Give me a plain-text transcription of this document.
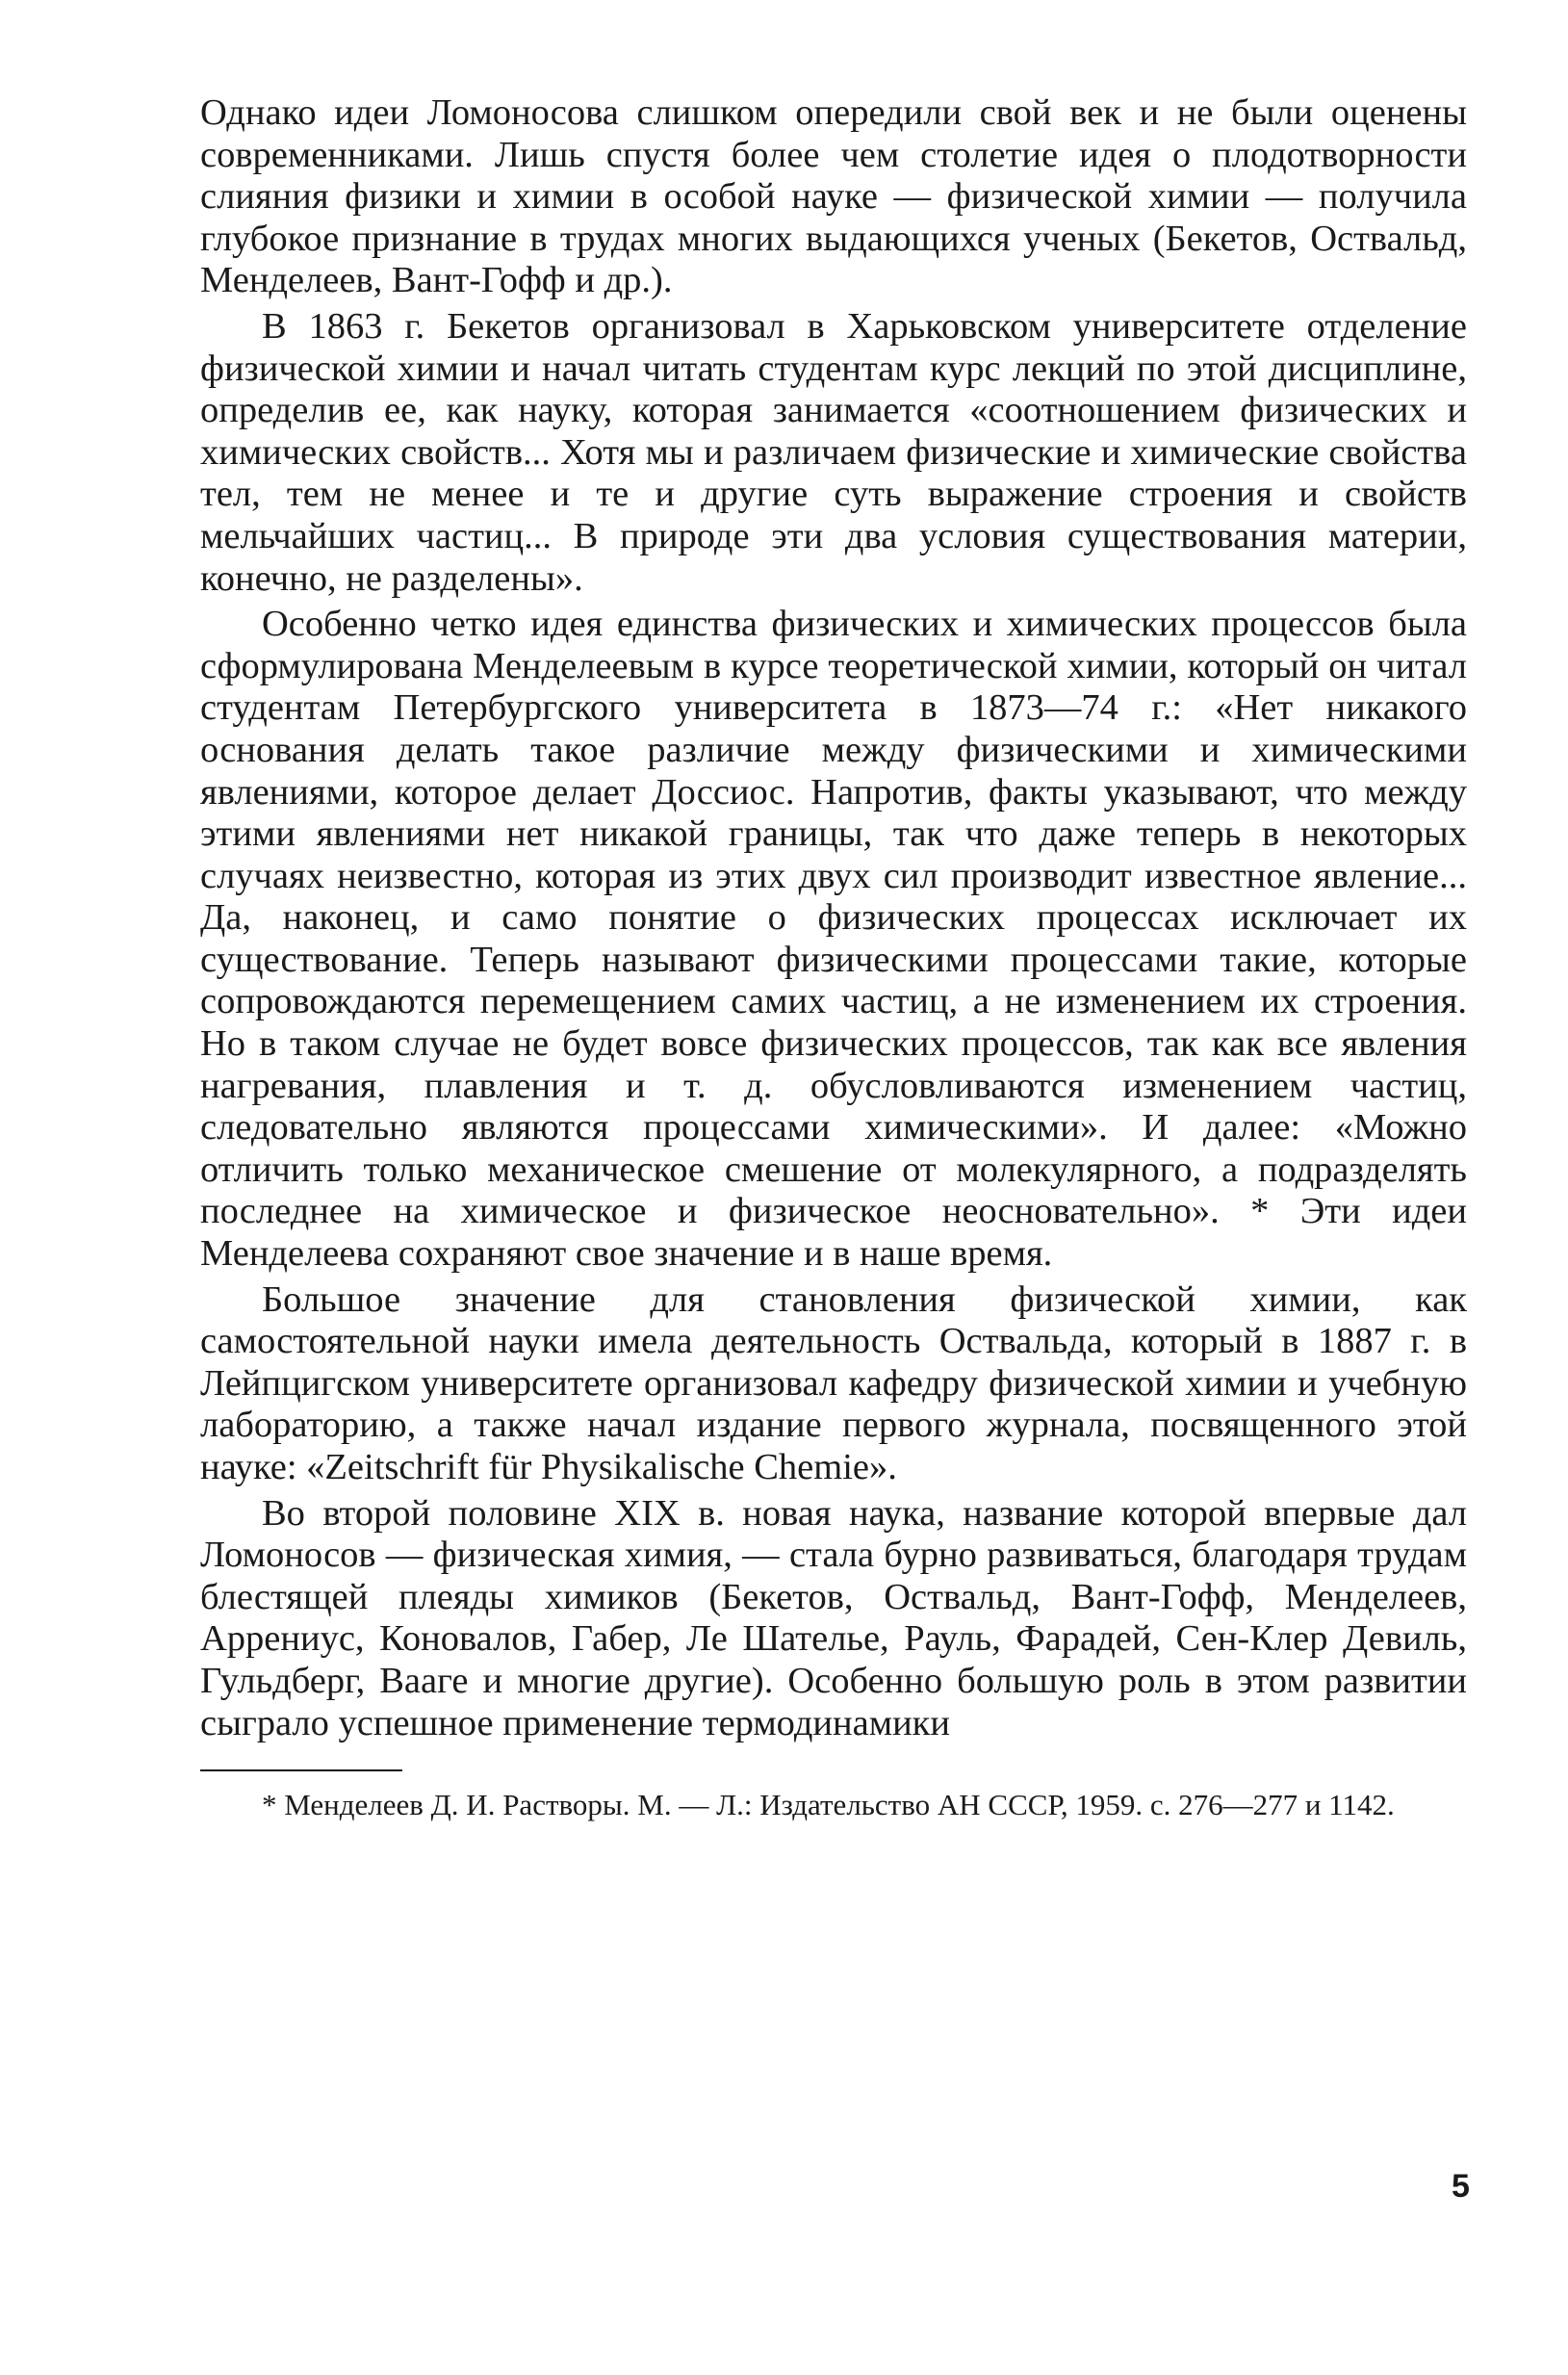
Однако идеи Ломоносова слишком опередили свой век и не были оценены современниками. Лишь спустя более чем столетие идея о плодотворности слияния физики и химии в особой науке — физической химии — получила глубокое признание в трудах многих выдающихся ученых (Бекетов, Оствальд, Менделеев, Вант-Гофф и др.).

В 1863 г. Бекетов организовал в Харьковском университете отделение физической химии и начал читать студентам курс лекций по этой дисциплине, определив ее, как науку, которая занимается «соотношением физических и химических свойств... Хотя мы и различаем физические и химические свойства тел, тем не менее и те и другие суть выражение строения и свойств мельчайших частиц... В природе эти два условия существования материи, конечно, не разделены».

Особенно четко идея единства физических и химических процессов была сформулирована Менделеевым в курсе теоретической химии, который он читал студентам Петербургского университета в 1873—74 г.: «Нет никакого основания делать такое различие между физическими и химическими явлениями, которое делает Доссиос. Напротив, факты указывают, что между этими явлениями нет никакой границы, так что даже теперь в некоторых случаях неизвестно, которая из этих двух сил производит известное явление... Да, наконец, и само понятие о физических процессах исключает их существование. Теперь называют физическими процессами такие, которые сопровождаются перемещением самих частиц, а не изменением их строения. Но в таком случае не будет вовсе физических процессов, так как все явления нагревания, плавления и т. д. обусловливаются изменением частиц, следовательно являются процессами химическими». И далее: «Можно отличить только механическое смешение от молекулярного, а подразделять последнее на химическое и физическое неосновательно». * Эти идеи Менделеева сохраняют свое значение и в наше время.

Большое значение для становления физической химии, как самостоятельной науки имела деятельность Оствальда, который в 1887 г. в Лейпцигском университете организовал кафедру физической химии и учебную лабораторию, а также начал издание первого журнала, посвященного этой науке: «Zeitschrift für Physikalische Chemie».

Во второй половине XIX в. новая наука, название которой впервые дал Ломоносов — физическая химия, — стала бурно развиваться, благодаря трудам блестящей плеяды химиков (Бекетов, Оствальд, Вант-Гофф, Менделеев, Аррениус, Коновалов, Габер, Ле Шателье, Рауль, Фарадей, Сен-Клер Девиль, Гульдберг, Вааге и многие другие). Особенно большую роль в этом развитии сыграло успешное применение термодинамики

* Менделеев Д. И. Растворы. М. — Л.: Издательство АН СССР, 1959. с. 276—277 и 1142.

5
